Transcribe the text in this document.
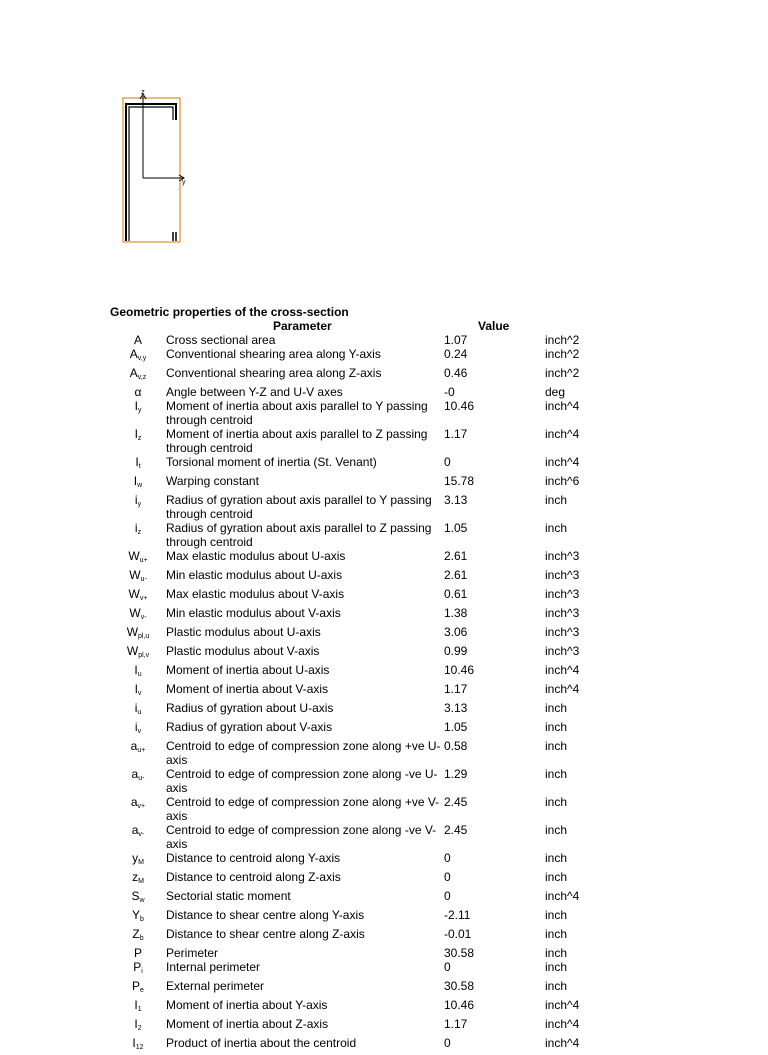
z
y
Geometric properties of the cross-section
Parameter	Value
A	Cross sectional area	1.07	inch^2
$A_{v,y}$	Conventional shearing area along Y-axis	0.24	inch^2
$A_{v,z}$	Conventional shearing area along Z-axis	0.46	inch^2
α	Angle between Y-Z and U-V axes	-0	deg
$I_y$	Moment of inertia about axis parallel to Y passing through centroid	10.46	inch^4
$I_z$	Moment of inertia about axis parallel to Z passing through centroid	1.17	inch^4
$I_t$	Torsional moment of inertia (St. Venant)	0	inch^4
$I_w$	Warping constant	15.78	inch^6
$i_y$	Radius of gyration about axis parallel to Y passing through centroid	3.13	inch
$i_z$	Radius of gyration about axis parallel to Z passing through centroid	1.05	inch
$W_{u+}$	Max elastic modulus about U-axis	2.61	inch^3
$W_{u-}$	Min elastic modulus about U-axis	2.61	inch^3
$W_{v+}$	Max elastic modulus about V-axis	0.61	inch^3
$W_{v-}$	Min elastic modulus about V-axis	1.38	inch^3
$W_{pl,u}$	Plastic modulus about U-axis	3.06	inch^3
$W_{pl,v}$	Plastic modulus about V-axis	0.99	inch^3
$I_u$	Moment of inertia about U-axis	10.46	inch^4
$I_v$	Moment of inertia about V-axis	1.17	inch^4
$i_u$	Radius of gyration about U-axis	3.13	inch
$i_v$	Radius of gyration about V-axis	1.05	inch
$a_{u+}$	Centroid to edge of compression zone along +ve U-axis	0.58	inch
$a_{u-}$	Centroid to edge of compression zone along -ve U-axis	1.29	inch
$a_{v+}$	Centroid to edge of compression zone along +ve V-axis	2.45	inch
$a_{v-}$	Centroid to edge of compression zone along -ve V-axis	2.45	inch
$y_M$	Distance to centroid along Y-axis	0	inch
$z_M$	Distance to centroid along Z-axis	0	inch
$S_w$	Sectorial static moment	0	inch^4
$Y_b$	Distance to shear centre along Y-axis	-2.11	inch
$Z_b$	Distance to shear centre along Z-axis	-0.01	inch
P	Perimeter	30.58	inch
$P_i$	Internal perimeter	0	inch
$P_e$	External perimeter	30.58	inch
$I_1$	Moment of inertia about Y-axis	10.46	inch^4
$I_2$	Moment of inertia about Z-axis	1.17	inch^4
$I_{12}$	Product of inertia about the centroid	0	inch^4
